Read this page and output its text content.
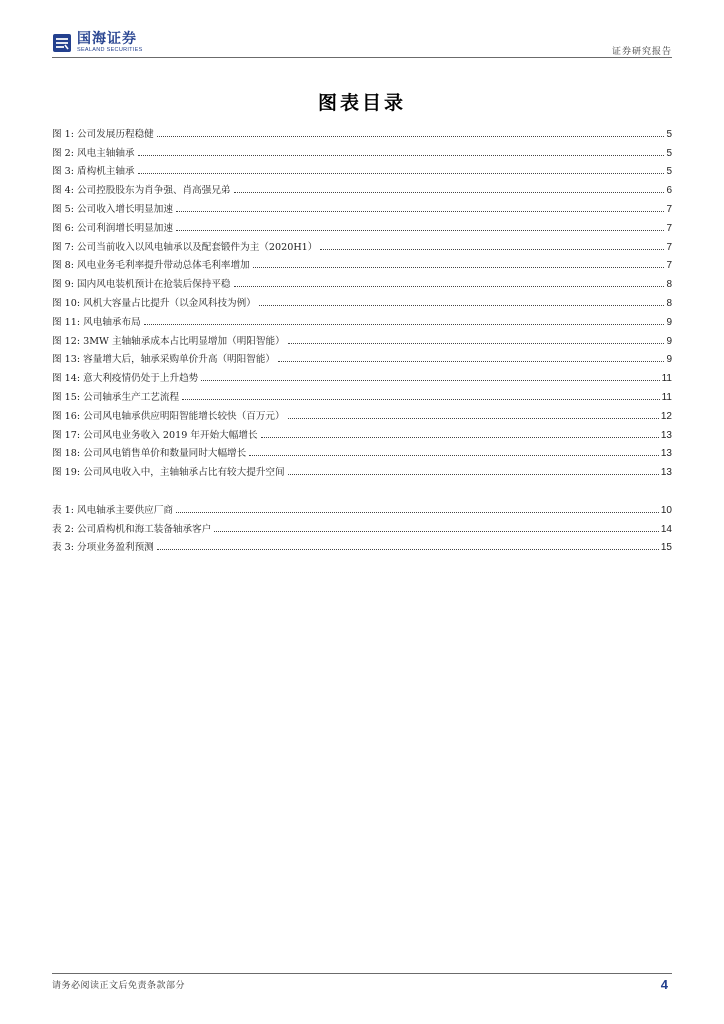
国海证券
SEALAND SECURITIES	证券研究报告
图表目录
图 1: 公司发展历程稳健	5
图 2: 风电主轴轴承	5
图 3: 盾构机主轴承	5
图 4: 公司控股股东为肖争强、肖高强兄弟	6
图 5: 公司收入增长明显加速	7
图 6: 公司利润增长明显加速	7
图 7: 公司当前收入以风电轴承以及配套锻件为主（2020H1）	7
图 8: 风电业务毛利率提升带动总体毛利率增加	7
图 9: 国内风电装机预计在抢装后保持平稳	8
图 10: 风机大容量占比提升（以金风科技为例）	8
图 11: 风电轴承布局	9
图 12: 3MW 主轴轴承成本占比明显增加（明阳智能）	9
图 13: 容量增大后，轴承采购单价升高（明阳智能）	9
图 14: 意大利疫情仍处于上升趋势	11
图 15: 公司轴承生产工艺流程	11
图 16: 公司风电轴承供应明阳智能增长较快（百万元）	12
图 17: 公司风电业务收入 2019 年开始大幅增长	13
图 18: 公司风电销售单价和数量同时大幅增长	13
图 19: 公司风电收入中，主轴轴承占比有较大提升空间	13
表 1: 风电轴承主要供应厂商	10
表 2: 公司盾构机和海工装备轴承客户	14
表 3: 分项业务盈利预测	15
请务必阅读正文后免责条款部分	4
